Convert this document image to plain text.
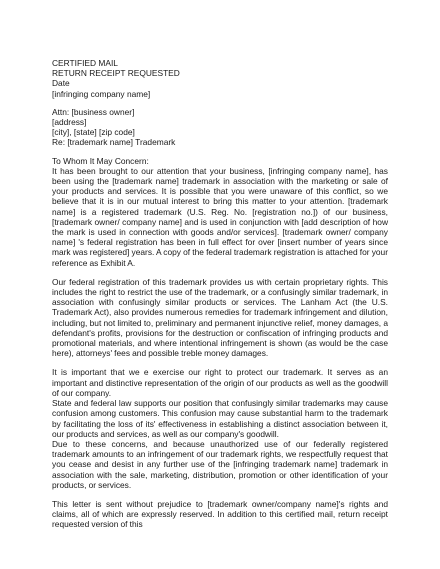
CERTIFIED MAIL
RETURN RECEIPT REQUESTED
Date
[infringing company name]
Attn: [business owner]
[address]
[city], [state] [zip code]
Re: [trademark name] Trademark
To Whom It May Concern:

It has been brought to our attention that your business, [infringing company name], has been using the [trademark name] trademark in association with the marketing or sale of your products and services. It is possible that you were unaware of this conflict, so we believe that it is in our mutual interest to bring this matter to your attention. [trademark name] is a registered trademark (U.S. Reg. No. [registration no.]) of our business, [trademark owner/ company name] and is used in conjunction with [add description of how the mark is used in connection with goods and/or services]. [trademark owner/ company name] 's federal registration has been in full effect for over [insert number of years since mark was registered] years. A copy of the federal trademark registration is attached for your reference as Exhibit A.

Our federal registration of this trademark provides us with certain proprietary rights. This includes the right to restrict the use of the trademark, or a confusingly similar trademark, in association with confusingly similar products or services. The Lanham Act (the U.S. Trademark Act), also provides numerous remedies for trademark infringement and dilution, including, but not limited to, preliminary and permanent injunctive relief, money damages, a defendant's profits, provisions for the destruction or confiscation of infringing products and promotional materials, and where intentional infringement is shown (as would be the case here), attorneys' fees and possible treble money damages.

It is important that we e exercise our right to protect our trademark. It serves as an important and distinctive representation of the origin of our products as well as the goodwill of our company.

State and federal law supports our position that confusingly similar trademarks may cause confusion among customers. This confusion may cause substantial harm to the trademark by facilitating the loss of its' effectiveness in establishing a distinct association between it, our products and services, as well as our company's goodwill.

Due to these concerns, and because unauthorized use of our federally registered trademark amounts to an infringement of our trademark rights, we respectfully request that you cease and desist in any further use of the [infringing trademark name] trademark in association with the sale, marketing, distribution, promotion or other identification of your products, or services.

This letter is sent without prejudice to [trademark owner/company name]'s rights and claims, all of which are expressly reserved. In addition to this certified mail, return receipt requested version of this
